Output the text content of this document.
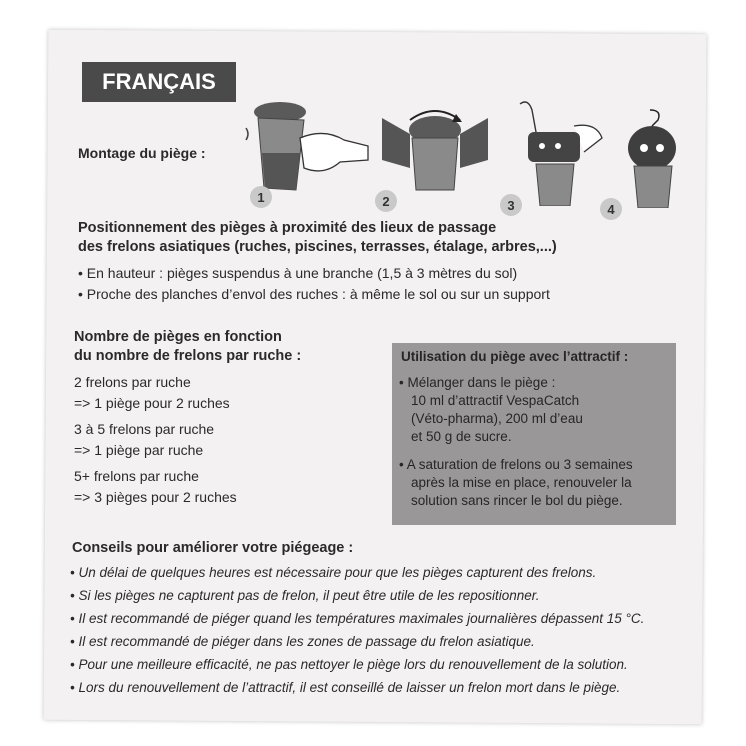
FRANÇAIS
Montage du piège :
1	2	3	4
Positionnement des pièges à proximité des lieux de passage
des frelons asiatiques (ruches, piscines, terrasses, étalage, arbres,...)
• En hauteur : pièges suspendus à une branche (1,5 à 3 mètres du sol)
• Proche des planches d’envol des ruches : à même le sol ou sur un support
Nombre de pièges en fonction
du nombre de frelons par ruche :
2 frelons par ruche
=> 1 piège pour 2 ruches
3 à 5 frelons par ruche
=> 1 piège par ruche
5+ frelons par ruche
=> 3 pièges pour 2 ruches
Utilisation du piège avec l’attractif :
• Mélanger dans le piège :
10 ml d’attractif VespaCatch
(Véto-pharma), 200 ml d’eau
et 50 g de sucre.
• A saturation de frelons ou 3 semaines
après la mise en place, renouveler la
solution sans rincer le bol du piège.
Conseils pour améliorer votre piégeage :
• Un délai de quelques heures est nécessaire pour que les pièges capturent des frelons.
• Si les pièges ne capturent pas de frelon, il peut être utile de les repositionner.
• Il est recommandé de piéger quand les températures maximales journalières dépassent 15 °C.
• Il est recommandé de piéger dans les zones de passage du frelon asiatique.
• Pour une meilleure efficacité, ne pas nettoyer le piège lors du renouvellement de la solution.
• Lors du renouvellement de l’attractif, il est conseillé de laisser un frelon mort dans le piège.
